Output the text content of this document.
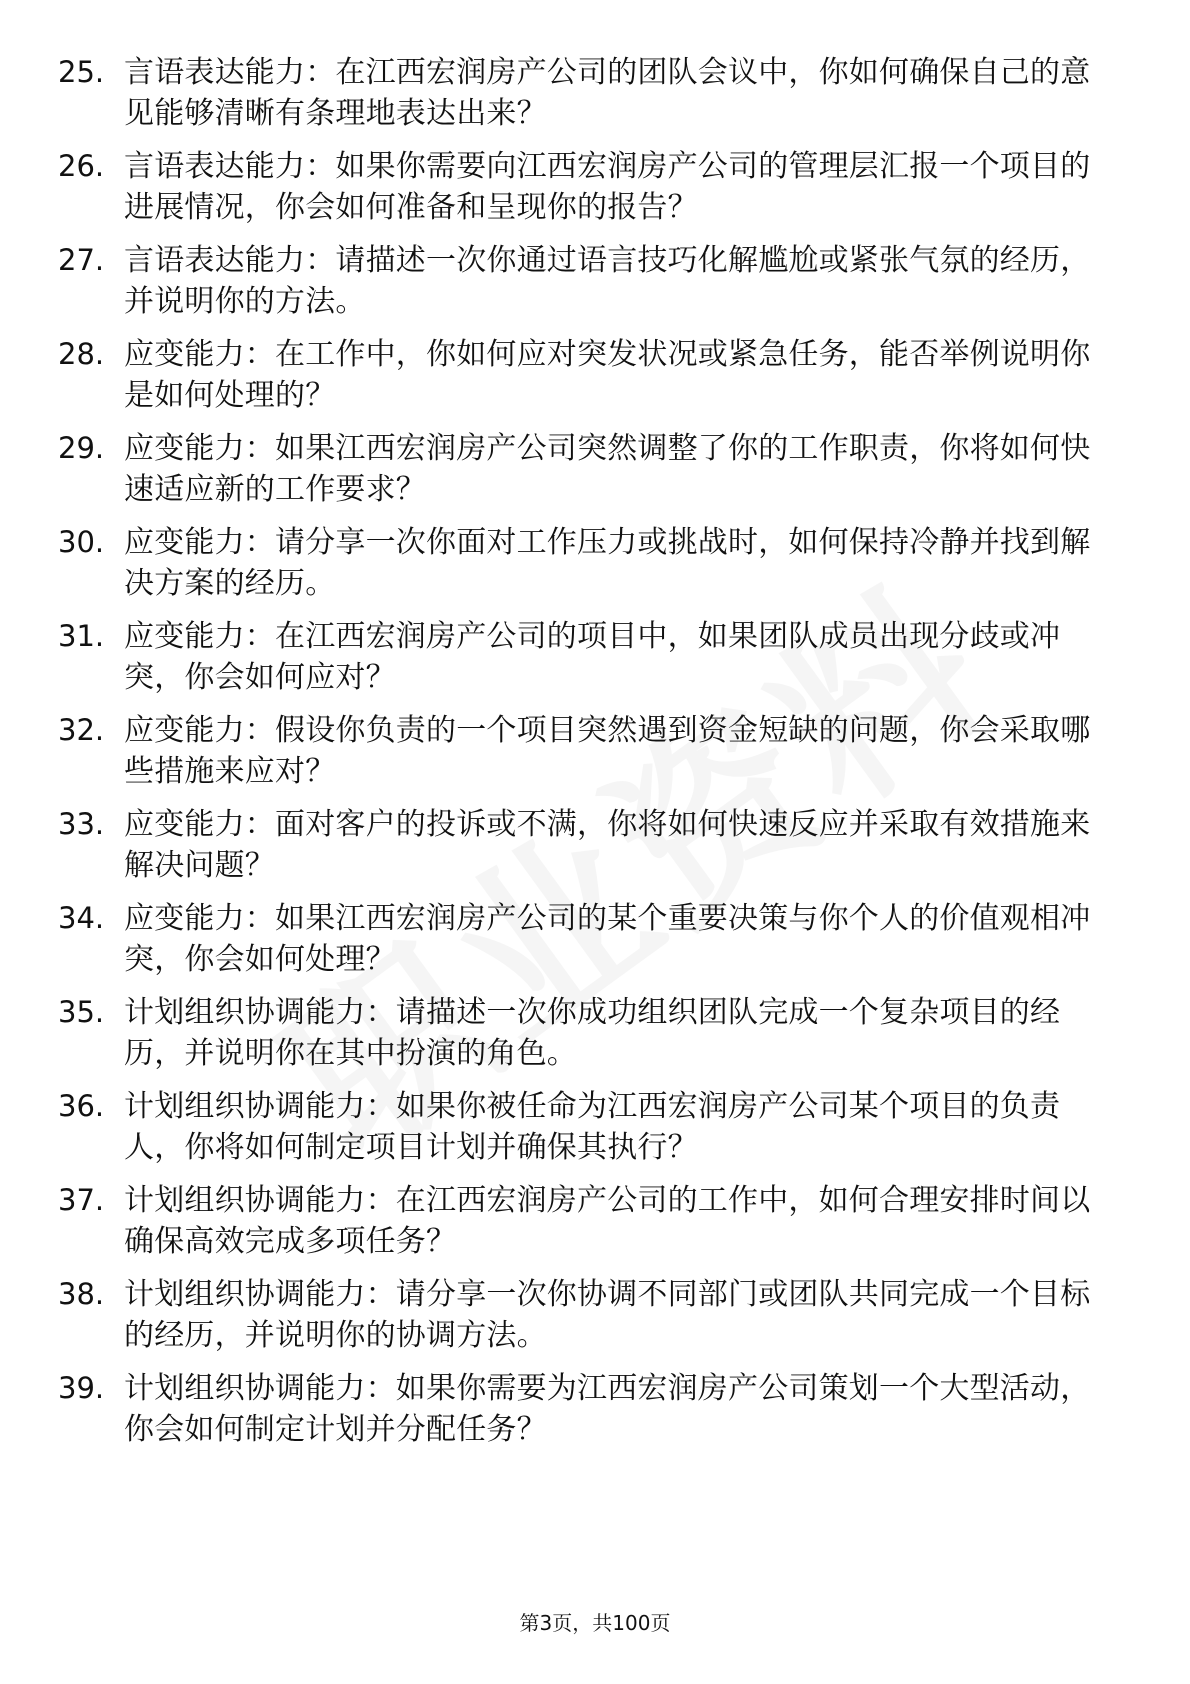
25. 言语表达能力：在江西宏润房产公司的团队会议中，你如何确保自己的意见能够清晰有条理地表达出来？
26. 言语表达能力：如果你需要向江西宏润房产公司的管理层汇报一个项目的进展情况，你会如何准备和呈现你的报告？
27. 言语表达能力：请描述一次你通过语言技巧化解尴尬或紧张气氛的经历，并说明你的方法。
28. 应变能力：在工作中，你如何应对突发状况或紧急任务，能否举例说明你是如何处理的？
29. 应变能力：如果江西宏润房产公司突然调整了你的工作职责，你将如何快速适应新的工作要求？
30. 应变能力：请分享一次你面对工作压力或挑战时，如何保持冷静并找到解决方案的经历。
31. 应变能力：在江西宏润房产公司的项目中，如果团队成员出现分歧或冲突，你会如何应对？
32. 应变能力：假设你负责的一个项目突然遇到资金短缺的问题，你会采取哪些措施来应对？
33. 应变能力：面对客户的投诉或不满，你将如何快速反应并采取有效措施来解决问题？
34. 应变能力：如果江西宏润房产公司的某个重要决策与你个人的价值观相冲突，你会如何处理？
35. 计划组织协调能力：请描述一次你成功组织团队完成一个复杂项目的经历，并说明你在其中扮演的角色。
36. 计划组织协调能力：如果你被任命为江西宏润房产公司某个项目的负责人，你将如何制定项目计划并确保其执行？
37. 计划组织协调能力：在江西宏润房产公司的工作中，如何合理安排时间以确保高效完成多项任务？
38. 计划组织协调能力：请分享一次你协调不同部门或团队共同完成一个目标的经历，并说明你的协调方法。
39. 计划组织协调能力：如果你需要为江西宏润房产公司策划一个大型活动，你会如何制定计划并分配任务？
第3页，共100页
